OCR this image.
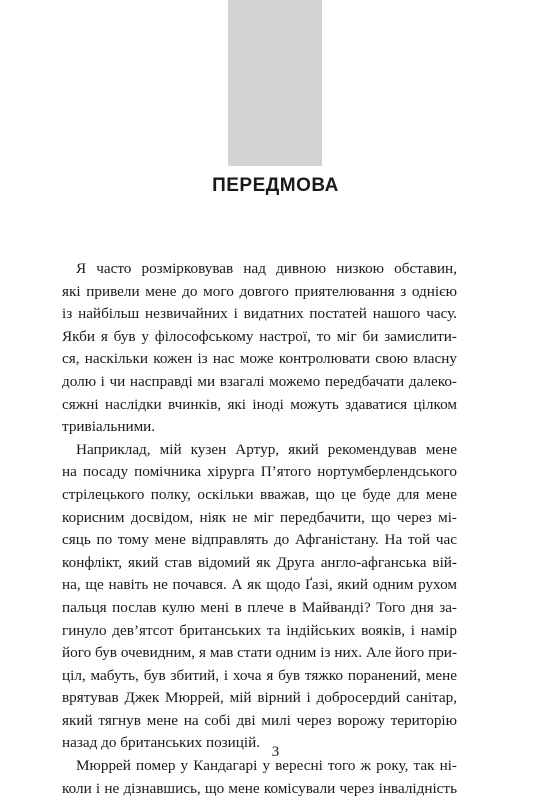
ПЕРЕДМОВА
Я часто розмірковував над дивною низкою обставин,
які привели мене до мого довгого приятелювання з однією
із найбільш незвичайних і видатних постатей нашого часу.
Якби я був у філософському настрої, то міг би замислити-
ся, наскільки кожен із нас може контролювати свою власну
долю і чи насправді ми взагалі можемо передбачати далеко-
сяжні наслідки вчинків, які іноді можуть здаватися цілком
тривіальними.
Наприклад, мій кузен Артур, який рекомендував мене
на посаду помічника хірурга П’ятого нортумберлендського
стрілецького полку, оскільки вважав, що це буде для мене
корисним досвідом, ніяк не міг передбачити, що через мі-
сяць по тому мене відправлять до Афганістану. На той час
конфлікт, який став відомий як Друга англо-афганська вій-
на, ще навіть не почався. А як щодо Ґазі, який одним рухом
пальця послав кулю мені в плече в Майванді? Того дня за-
гинуло дев’ятсот британських та індійських вояків, і намір
його був очевидним, я мав стати одним із них. Але його при-
ціл, мабуть, був збитий, і хоча я був тяжко поранений, мене
врятував Джек Мюррей, мій вірний і добросердий санітар,
який тягнув мене на собі дві милі через ворожу територію
назад до британських позицій.
Мюррей помер у Кандагарі у вересні того ж року, так ні-
коли і не дізнавшись, що мене комісували через інвалідність
3
